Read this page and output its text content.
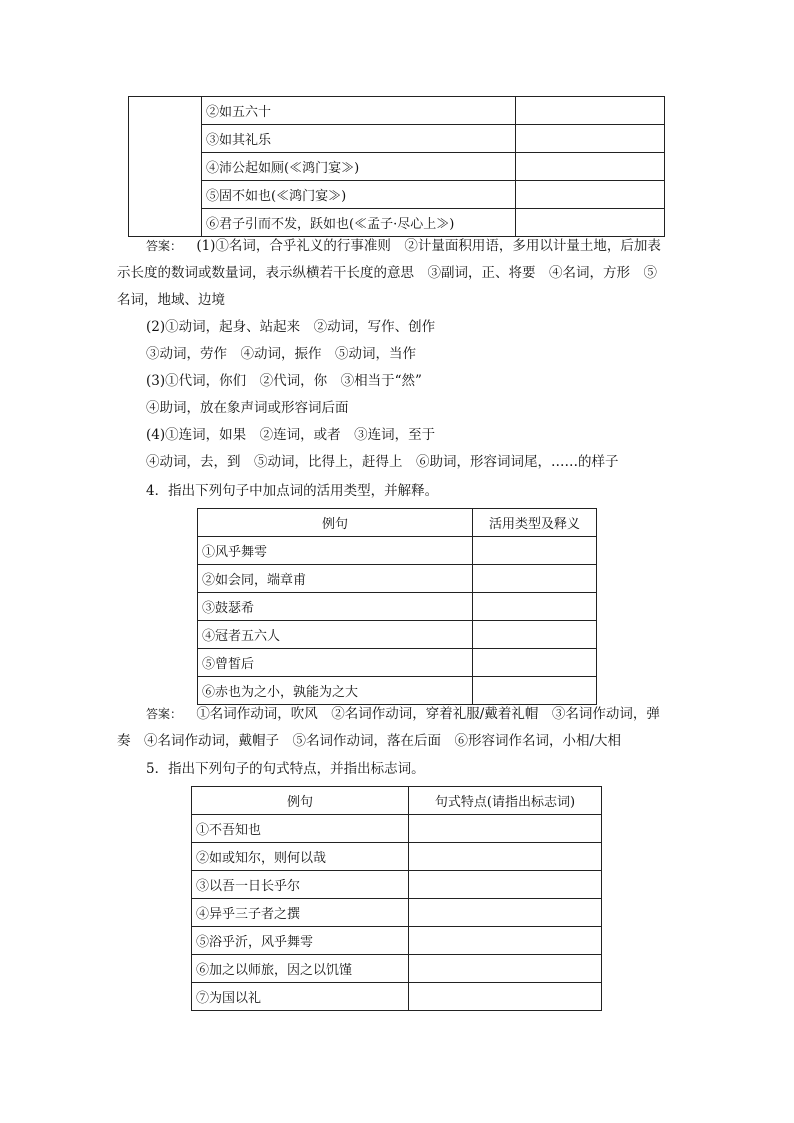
	②如五六十	
	③如其礼乐	
	④沛公起如厕(≪鸿门宴≫)	
	⑤固不如也(≪鸿门宴≫)	
	⑥君子引而不发，跃如也(≪孟子·尽心上≫)	
答案： (1)①名词，合乎礼义的行事准则　②计量面积用语，多用以计量土地，后加表
示长度的数词或数量词，表示纵横若干长度的意思　③副词，正、将要　④名词，方形　⑤
名词，地域、边境
(2)①动词，起身、站起来　②动词，写作、创作
③动词，劳作　④动词，振作　⑤动词，当作
(3)①代词，你们　②代词，你　③相当于“然”
④助词，放在象声词或形容词后面
(4)①连词，如果　②连词，或者　③连词，至于
④动词，去，到　⑤动词，比得上，赶得上　⑥助词，形容词词尾，……的样子
4．指出下列句子中加点词的活用类型，并解释。
例句	活用类型及释义
①风乎舞雩	
②如会同，端章甫	
③鼓瑟希	
④冠者五六人	
⑤曾皙后	
⑥赤也为之小，孰能为之大	
答案： ①名词作动词，吹风　②名词作动词，穿着礼服/戴着礼帽　③名词作动词，弹
奏　④名词作动词，戴帽子　⑤名词作动词，落在后面　⑥形容词作名词，小相/大相
5．指出下列句子的句式特点，并指出标志词。
例句	句式特点(请指出标志词)
①不吾知也	
②如或知尔，则何以哉	
③以吾一日长乎尔	
④异乎三子者之撰	
⑤浴乎沂，风乎舞雩	
⑥加之以师旅，因之以饥馑	
⑦为国以礼	
